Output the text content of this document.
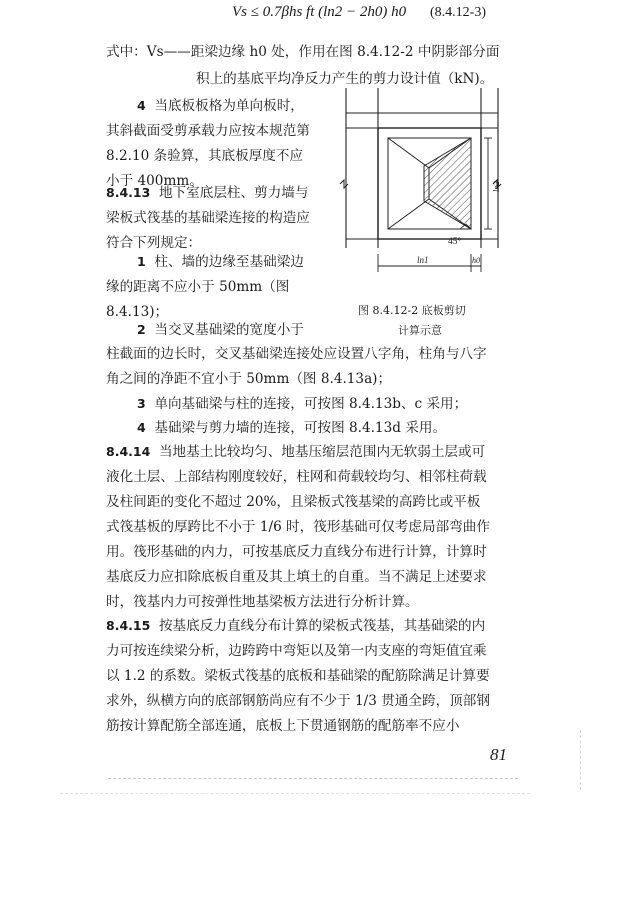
Vs ≤ 0.7βhs ft (ln2 − 2h0) h0 (8.4.12-3)
式中：Vs——距梁边缘 h0 处，作用在图 8.4.12-2 中阴影部分面
积上的基底平均净反力产生的剪力设计值（kN)。
4 当底板板格为单向板时，
其斜截面受剪承载力应按本规范第
8.2.10 条验算，其底板厚度不应
小于 400mm。
8.4.13 地下室底层柱、剪力墙与
梁板式筏基的基础梁连接的构造应
符合下列规定：
1 柱、墙的边缘至基础梁边
缘的距离不应小于 50mm（图
8.4.13)；
2 当交叉基础梁的宽度小于
柱截面的边长时，交叉基础梁连接处应设置八字角，柱角与八字
角之间的净距不宜小于 50mm（图 8.4.13a)；
3 单向基础梁与柱的连接，可按图 8.4.13b、c 采用；
4 基础梁与剪力墙的连接，可按图 8.4.13d 采用。
8.4.14 当地基土比较均匀、地基压缩层范围内无软弱土层或可
液化土层、上部结构刚度较好，柱网和荷载较均匀、相邻柱荷载
及柱间距的变化不超过 20%，且梁板式筏基梁的高跨比或平板
式筏基板的厚跨比不小于 1/6 时，筏形基础可仅考虑局部弯曲作
用。筏形基础的内力，可按基底反力直线分布进行计算，计算时
基底反力应扣除底板自重及其上填土的自重。当不满足上述要求
时，筏基内力可按弹性地基梁板方法进行分析计算。
8.4.15 按基底反力直线分布计算的梁板式筏基，其基础梁的内
力可按连续梁分析，边跨跨中弯矩以及第一内支座的弯矩值宜乘
以 1.2 的系数。梁板式筏基的底板和基础梁的配筋除满足计算要
求外，纵横方向的底部钢筋尚应有不少于 1/3 贯通全跨，顶部钢
筋按计算配筋全部连通，底板上下贯通钢筋的配筋率不应小
81
45°
ln1	h0
ln2
图 8.4.12-2 底板剪切
计算示意
